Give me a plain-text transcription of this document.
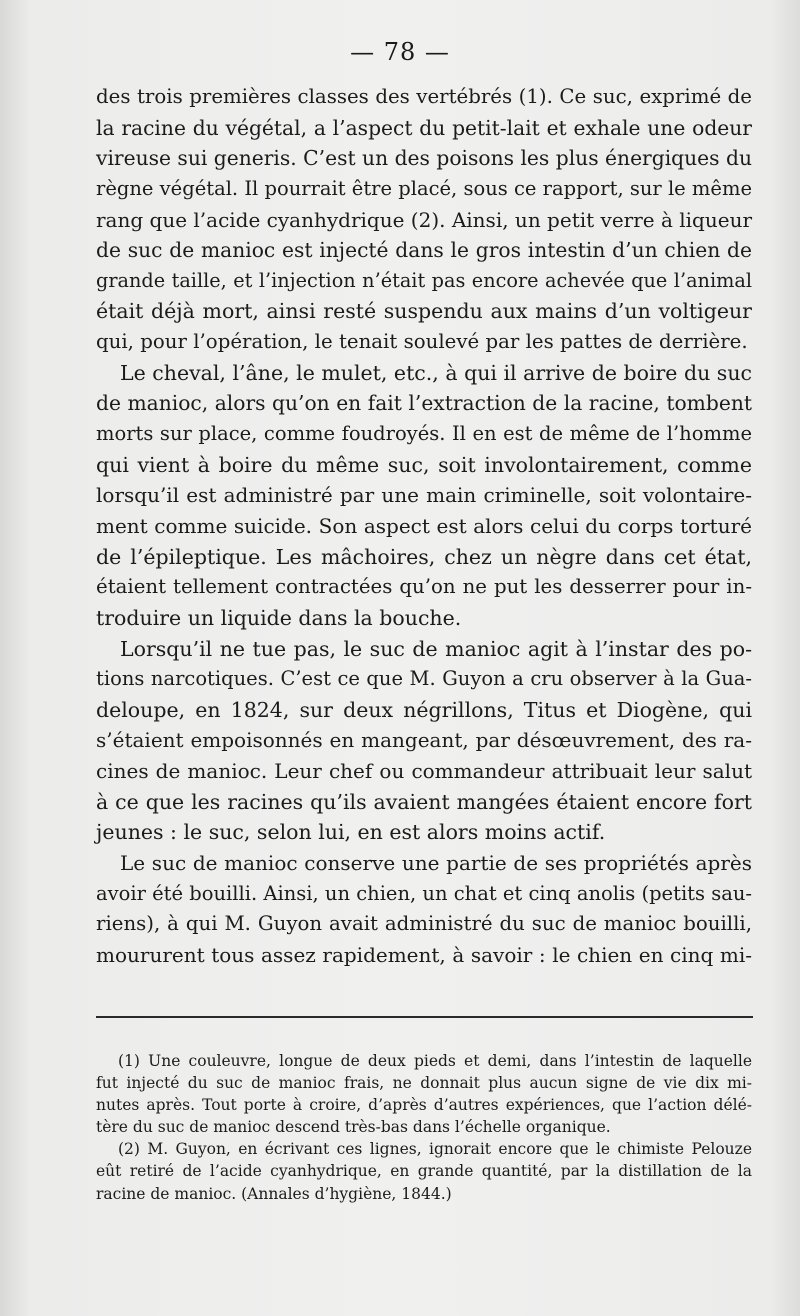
— 78 —
des trois premières classes des vertébrés (1). Ce suc, exprimé de
la racine du végétal, a l’aspect du petit-lait et exhale une odeur
vireuse sui generis. C’est un des poisons les plus énergiques du
règne végétal. Il pourrait être placé, sous ce rapport, sur le même
rang que l’acide cyanhydrique (2). Ainsi, un petit verre à liqueur
de suc de manioc est injecté dans le gros intestin d’un chien de
grande taille, et l’injection n’était pas encore achevée que l’animal
était déjà mort, ainsi resté suspendu aux mains d’un voltigeur
qui, pour l’opération, le tenait soulevé par les pattes de derrière.
Le cheval, l’âne, le mulet, etc., à qui il arrive de boire du suc
de manioc, alors qu’on en fait l’extraction de la racine, tombent
morts sur place, comme foudroyés. Il en est de même de l’homme
qui vient à boire du même suc, soit involontairement, comme
lorsqu’il est administré par une main criminelle, soit volontaire-
ment comme suicide. Son aspect est alors celui du corps torturé
de l’épileptique. Les mâchoires, chez un nègre dans cet état,
étaient tellement contractées qu’on ne put les desserrer pour in-
troduire un liquide dans la bouche.
Lorsqu’il ne tue pas, le suc de manioc agit à l’instar des po-
tions narcotiques. C’est ce que M. Guyon a cru observer à la Gua-
deloupe, en 1824, sur deux négrillons, Titus et Diogène, qui
s’étaient empoisonnés en mangeant, par désœuvrement, des ra-
cines de manioc. Leur chef ou commandeur attribuait leur salut
à ce que les racines qu’ils avaient mangées étaient encore fort
jeunes : le suc, selon lui, en est alors moins actif.
Le suc de manioc conserve une partie de ses propriétés après
avoir été bouilli. Ainsi, un chien, un chat et cinq anolis (petits sau-
riens), à qui M. Guyon avait administré du suc de manioc bouilli,
moururent tous assez rapidement, à savoir : le chien en cinq mi-
(1) Une couleuvre, longue de deux pieds et demi, dans l’intestin de laquelle
fut injecté du suc de manioc frais, ne donnait plus aucun signe de vie dix mi-
nutes après. Tout porte à croire, d’après d’autres expériences, que l’action délé-
tère du suc de manioc descend très-bas dans l’échelle organique.
(2) M. Guyon, en écrivant ces lignes, ignorait encore que le chimiste Pelouze
eût retiré de l’acide cyanhydrique, en grande quantité, par la distillation de la
racine de manioc. (Annales d’hygiène, 1844.)
